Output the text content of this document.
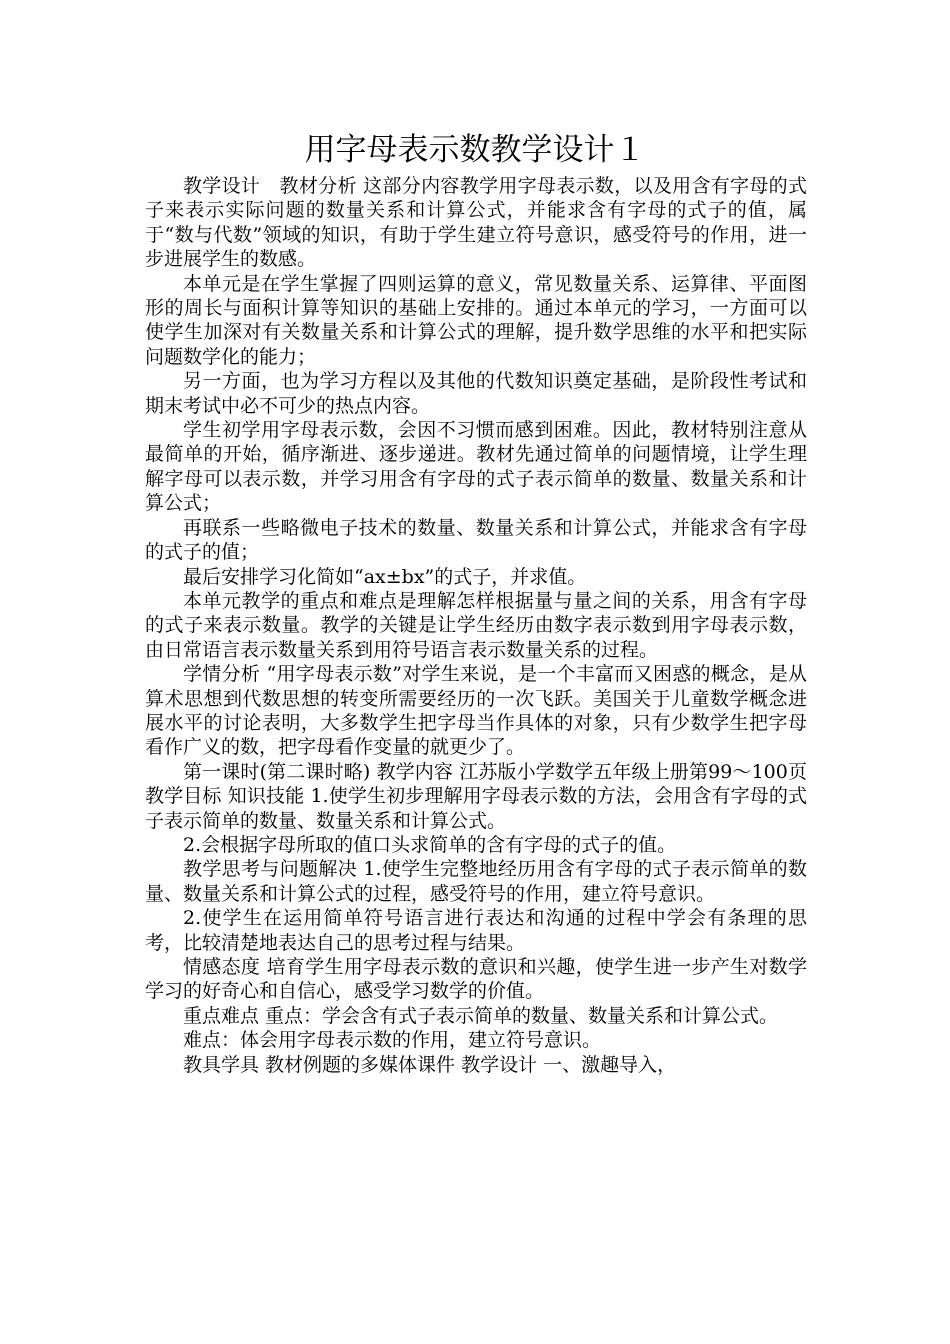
用字母表示数教学设计１

教学设计　教材分析 这部分内容教学用字母表示数，以及用含有字母的式子来表示实际问题的数量关系和计算公式，并能求含有字母的式子的值，属于“数与代数”领域的知识，有助于学生建立符号意识，感受符号的作用，进一步进展学生的数感。

本单元是在学生掌握了四则运算的意义，常见数量关系、运算律、平面图形的周长与面积计算等知识的基础上安排的。通过本单元的学习，一方面可以使学生加深对有关数量关系和计算公式的理解，提升数学思维的水平和把实际问题数学化的能力；

另一方面，也为学习方程以及其他的代数知识奠定基础，是阶段性考试和期末考试中必不可少的热点内容。

学生初学用字母表示数，会因不习惯而感到困难。因此，教材特别注意从最简单的开始，循序渐进、逐步递进。教材先通过简单的问题情境，让学生理解字母可以表示数，并学习用含有字母的式子表示简单的数量、数量关系和计算公式；

再联系一些略微电子技术的数量、数量关系和计算公式，并能求含有字母的式子的值；

最后安排学习化简如“ax±bx”的式子，并求值。

本单元教学的重点和难点是理解怎样根据量与量之间的关系，用含有字母的式子来表示数量。教学的关键是让学生经历由数字表示数到用字母表示数，由日常语言表示数量关系到用符号语言表示数量关系的过程。

学情分析 “用字母表示数”对学生来说，是一个丰富而又困惑的概念，是从算术思想到代数思想的转变所需要经历的一次飞跃。美国关于儿童数学概念进展水平的讨论表明，大多数学生把字母当作具体的对象，只有少数学生把字母看作广义的数，把字母看作变量的就更少了。

第一课时(第二课时略) 教学内容 江苏版小学数学五年级上册第99～100页 教学目标 知识技能 1.使学生初步理解用字母表示数的方法，会用含有字母的式子表示简单的数量、数量关系和计算公式。

2.会根据字母所取的值口头求简单的含有字母的式子的值。

教学思考与问题解决 1.使学生完整地经历用含有字母的式子表示简单的数量、数量关系和计算公式的过程，感受符号的作用，建立符号意识。

2.使学生在运用简单符号语言进行表达和沟通的过程中学会有条理的思考，比较清楚地表达自己的思考过程与结果。

情感态度 培育学生用字母表示数的意识和兴趣，使学生进一步产生对数学学习的好奇心和自信心，感受学习数学的价值。

重点难点 重点：学会含有式子表示简单的数量、数量关系和计算公式。

难点：体会用字母表示数的作用，建立符号意识。

教具学具 教材例题的多媒体课件 教学设计 一、激趣导入，
